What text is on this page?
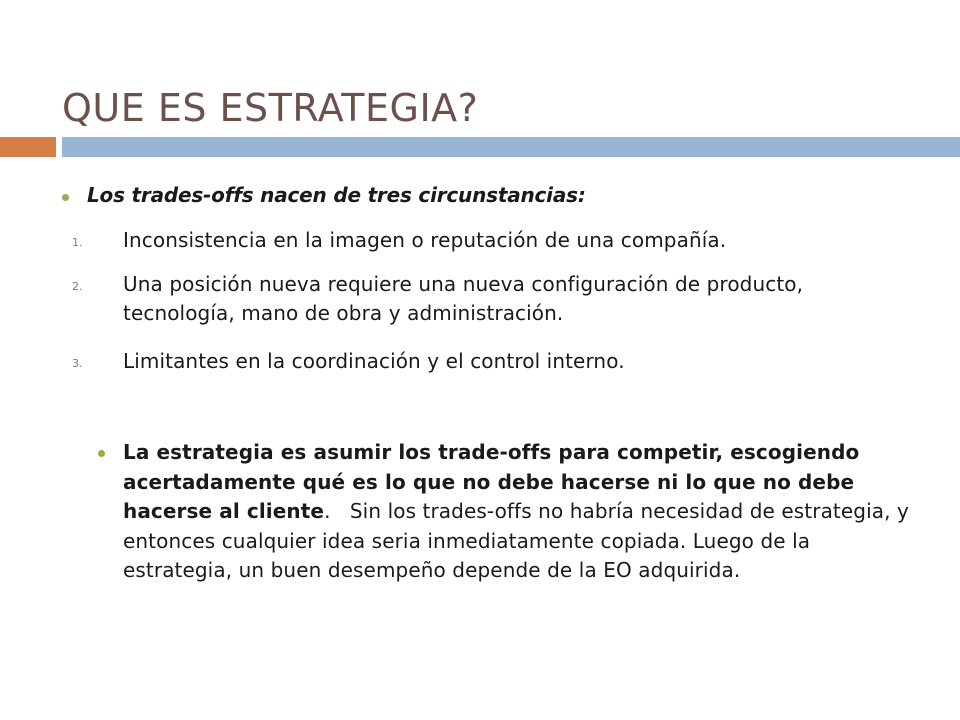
QUE ES ESTRATEGIA?
Los trades-offs nacen de tres circunstancias:
1. Inconsistencia en la imagen o reputación de una compañía.
2. Una posición nueva requiere una nueva configuración de producto, tecnología, mano de obra y administración.
3. Limitantes en la coordinación y el control interno.
La estrategia es asumir los trade-offs para competir, escogiendo acertadamente qué es lo que no debe hacerse ni lo que no debe hacerse al cliente.   Sin los trades-offs no habría necesidad de estrategia, y entonces cualquier idea seria inmediatamente copiada. Luego de la estrategia, un buen desempeño depende de la EO adquirida.
